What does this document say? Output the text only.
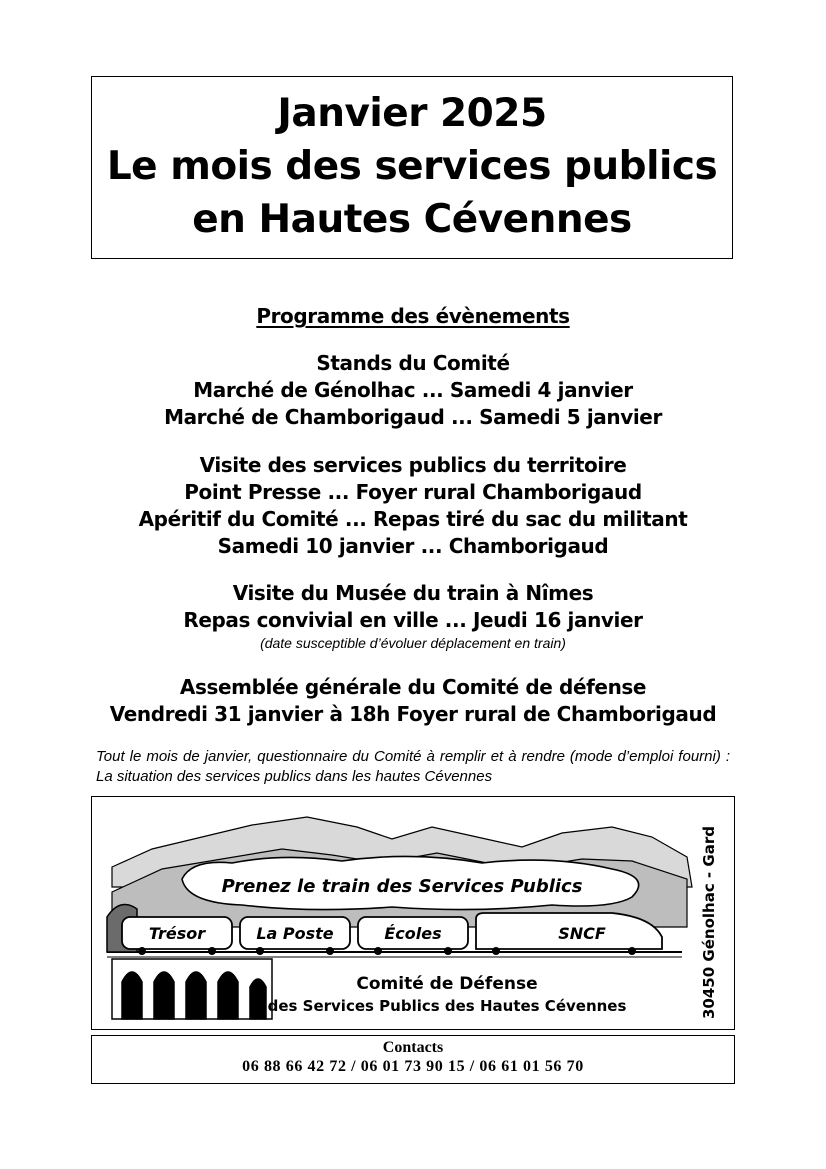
Janvier 2025
Le mois des services publics
en Hautes Cévennes
Programme des évènements
Stands du Comité
Marché de Génolhac ... Samedi 4 janvier
Marché de Chamborigaud ... Samedi 5 janvier
Visite des services publics du territoire
Point Presse ... Foyer rural Chamborigaud
Apéritif du Comité ... Repas tiré du sac du militant
Samedi 10 janvier ... Chamborigaud
Visite du Musée du train à Nîmes
Repas convivial en ville ... Jeudi 16 janvier
(date susceptible d’évoluer déplacement en train)
Assemblée générale du Comité de défense
Vendredi 31 janvier à 18h Foyer rural de Chamborigaud
Tout le mois de janvier, questionnaire du Comité à remplir et à rendre (mode d’emploi fourni) : La situation des services publics dans les hautes Cévennes
Prenez le train des Services Publics
Trésor	La Poste	Écoles	SNCF
Comité de Défense
des Services Publics des Hautes Cévennes	30450 Génolhac - Gard
Contacts
06 88 66 42 72 / 06 01 73 90 15 / 06 61 01 56 70
